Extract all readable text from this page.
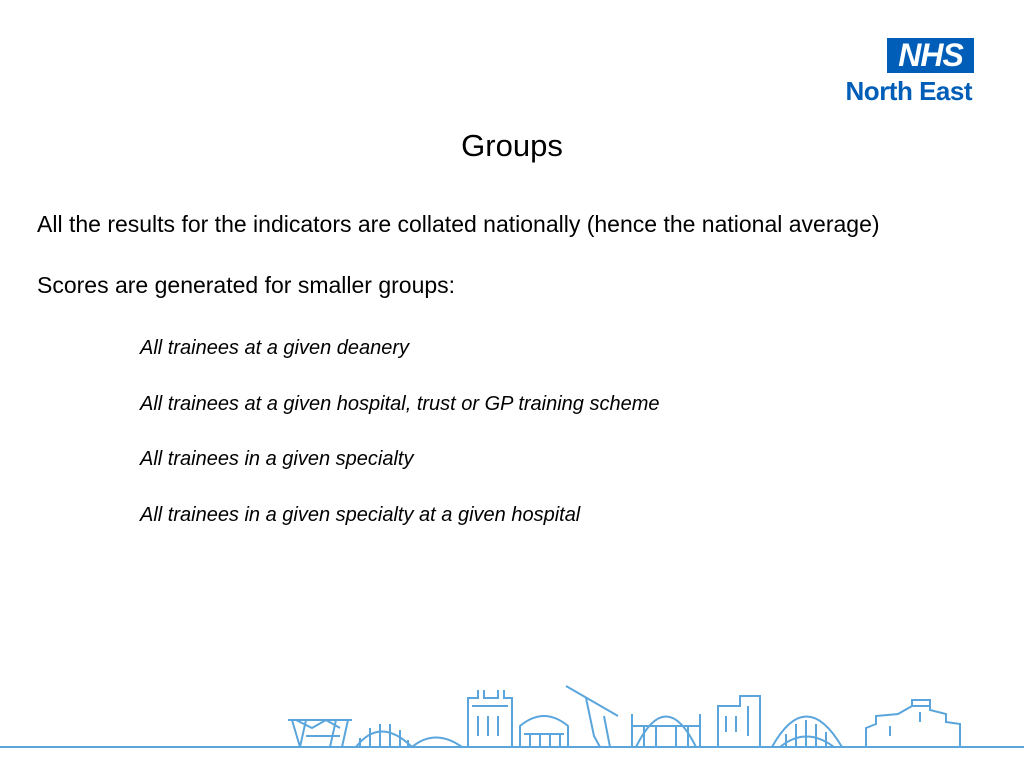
NHS
North East
Groups

All the results for the indicators are collated nationally (hence the national average)

Scores are generated for smaller groups:

All trainees at a given deanery
All trainees at a given hospital, trust or GP training scheme
All trainees in a given specialty
All trainees in a given specialty at a given hospital
